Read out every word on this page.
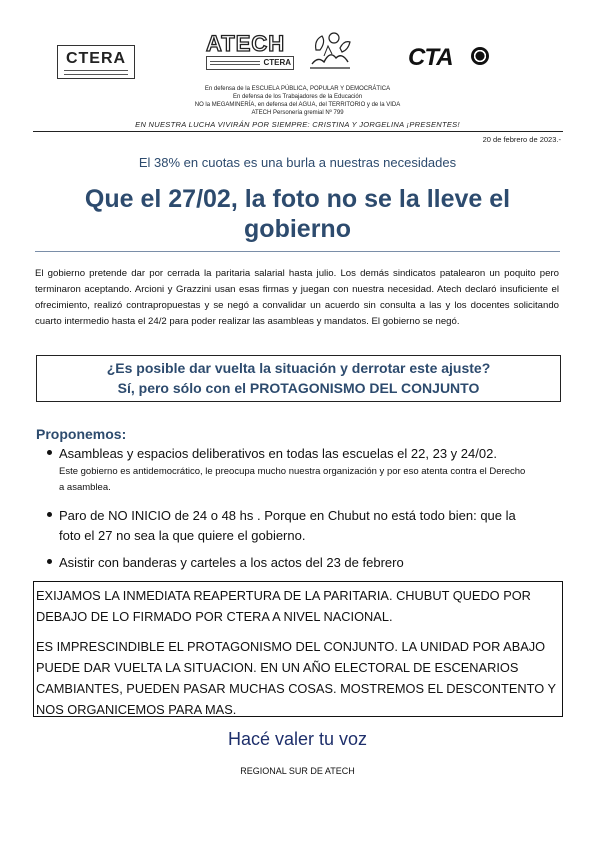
CTERA
ATECH
CTERA	CTA
En defensa de la ESCUELA PÚBLICA, POPULAR Y DEMOCRÁTICA
En defensa de los Trabajadores de la Educación
NO la MEGAMINERÍA, en defensa del AGUA, del TERRITORIO y de la VIDA
ATECH Personería gremial Nº 799
EN NUESTRA LUCHA VIVIRÁN POR SIEMPRE: CRISTINA Y JORGELINA ¡PRESENTES!
20 de febrero de 2023.-
El 38% en cuotas es una burla a nuestras necesidades
Que el 27/02, la foto no se la lleve el
gobierno
El gobierno pretende dar por cerrada la paritaria salarial hasta julio. Los demás sindicatos patalearon un poquito pero terminaron aceptando. Arcioni y Grazzini usan esas firmas y juegan con nuestra necesidad. Atech declaró insuficiente el ofrecimiento, realizó contrapropuestas y se negó a convalidar un acuerdo sin consulta a las y los docentes solicitando cuarto intermedio hasta el 24/2 para poder realizar las asambleas y mandatos. El gobierno se negó.

¿Es posible dar vuelta la situación y derrotar este ajuste?

Sí, pero sólo con el PROTAGONISMO DEL CONJUNTO

Proponemos:
Asambleas y espacios deliberativos en todas las escuelas el 22, 23 y 24/02.
Este gobierno es antidemocrático, le preocupa mucho nuestra organización y por eso atenta contra el Derecho a asamblea.
Paro de NO INICIO de 24 o 48 hs . Porque en Chubut no está todo bien: que la foto el 27 no sea la que quiere el gobierno.
Asistir con banderas y carteles a los actos del 23 de febrero

EXIJAMOS LA INMEDIATA REAPERTURA DE LA PARITARIA. CHUBUT QUEDO POR DEBAJO DE LO FIRMADO POR CTERA A NIVEL NACIONAL.

ES IMPRESCINDIBLE EL PROTAGONISMO DEL CONJUNTO. LA UNIDAD POR ABAJO PUEDE DAR VUELTA LA SITUACION. EN UN AÑO ELECTORAL DE ESCENARIOS CAMBIANTES, PUEDEN PASAR MUCHAS COSAS. MOSTREMOS EL DESCONTENTO Y NOS ORGANICEMOS PARA MAS.

Hacé valer tu voz
REGIONAL SUR DE ATECH
